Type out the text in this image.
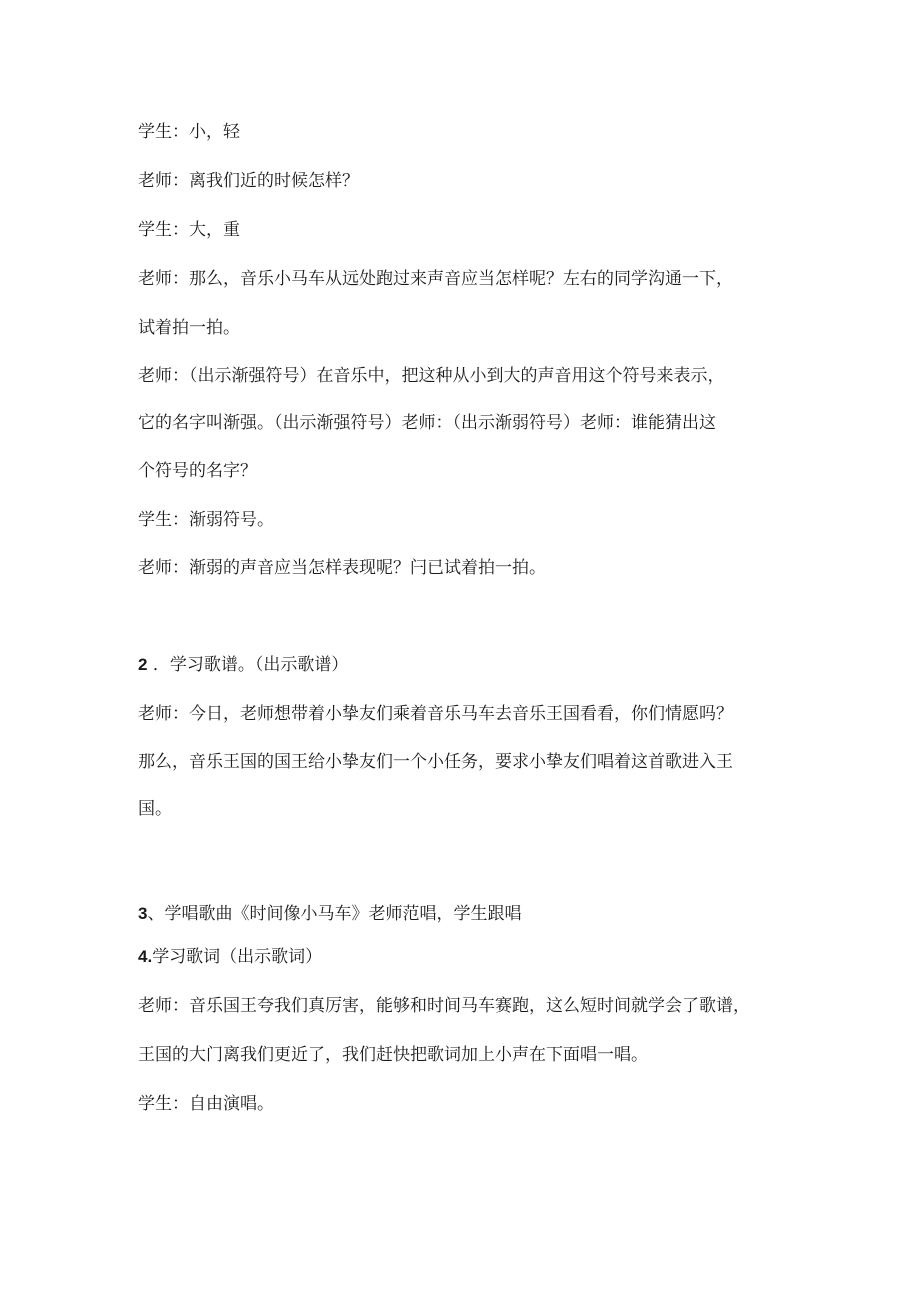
学生：小，轻
老师：离我们近的时候怎样？
学生：大，重
老师：那么，音乐小马车从远处跑过来声音应当怎样呢？左右的同学沟通一下，
试着拍一拍。
老师：（出示渐强符号）在音乐中，把这种从小到大的声音用这个符号来表示，
它的名字叫渐强。（出示渐强符号）老师：（出示渐弱符号）老师：谁能猜出这
个符号的名字？
学生：渐弱符号。
老师：渐弱的声音应当怎样表现呢？闩已试着拍一拍。
2 ．学习歌谱。（出示歌谱）
老师：今日，老师想带着小挚友们乘着音乐马车去音乐王国看看，你们情愿吗？
那么，音乐王国的国王给小挚友们一个小任务，要求小挚友们唱着这首歌进入王
国。
3、学唱歌曲《时间像小马车》老师范唱，学生跟唱
4.学习歌词（出示歌词）
老师：音乐国王夸我们真厉害，能够和时间马车赛跑，这么短时间就学会了歌谱，
王国的大门离我们更近了，我们赶快把歌词加上小声在下面唱一唱。
学生：自由演唱。
